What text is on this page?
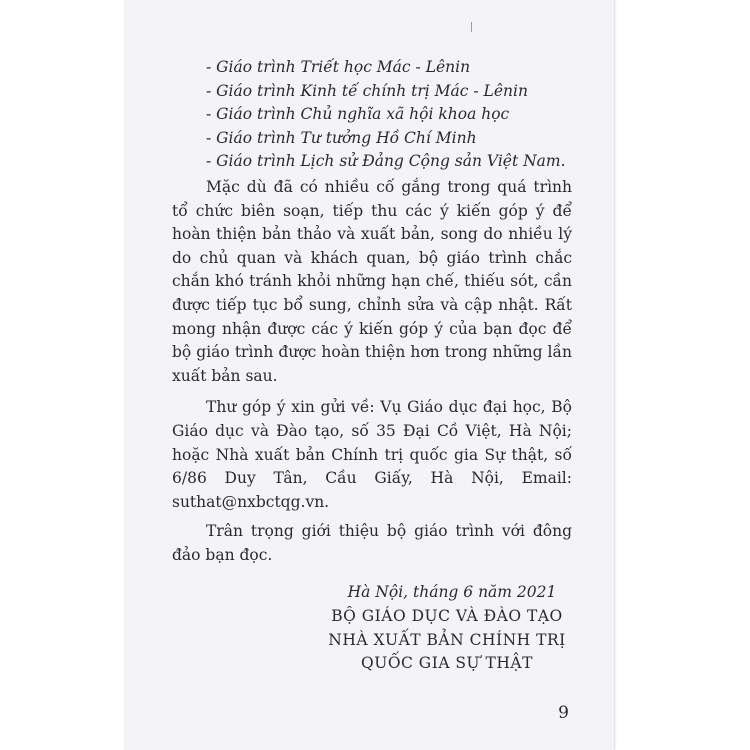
- Giáo trình Triết học Mác - Lênin
- Giáo trình Kinh tế chính trị Mác - Lênin
- Giáo trình Chủ nghĩa xã hội khoa học
- Giáo trình Tư tưởng Hồ Chí Minh
- Giáo trình Lịch sử Đảng Cộng sản Việt Nam.

Mặc dù đã có nhiều cố gắng trong quá trình tổ chức biên soạn, tiếp thu các ý kiến góp ý để hoàn thiện bản thảo và xuất bản, song do nhiều lý do chủ quan và khách quan, bộ giáo trình chắc chắn khó tránh khỏi những hạn chế, thiếu sót, cần được tiếp tục bổ sung, chỉnh sửa và cập nhật. Rất mong nhận được các ý kiến góp ý của bạn đọc để bộ giáo trình được hoàn thiện hơn trong những lần xuất bản sau.

Thư góp ý xin gửi về: Vụ Giáo dục đại học, Bộ Giáo dục và Đào tạo, số 35 Đại Cồ Việt, Hà Nội; hoặc Nhà xuất bản Chính trị quốc gia Sự thật, số 6/86 Duy Tân, Cầu Giấy, Hà Nội, Email: suthat@nxbctqg.vn.

Trân trọng giới thiệu bộ giáo trình với đông đảo bạn đọc.

Hà Nội, tháng 6 năm 2021
BỘ GIÁO DỤC VÀ ĐÀO TẠO
NHÀ XUẤT BẢN CHÍNH TRỊ QUỐC GIA SỰ THẬT
9
